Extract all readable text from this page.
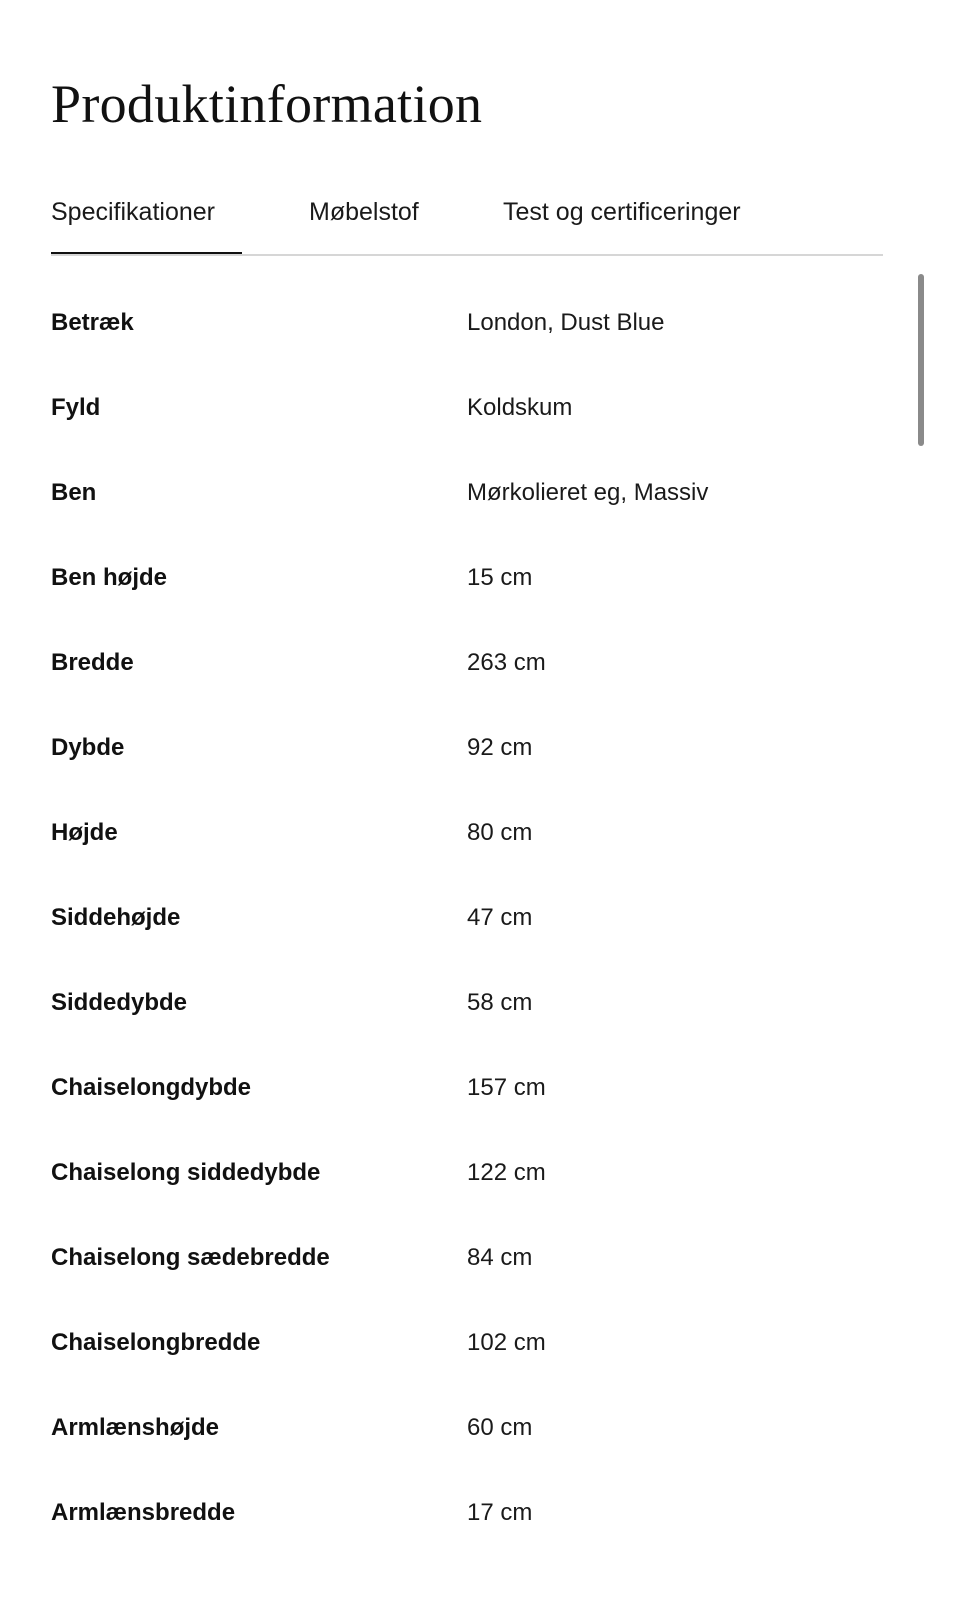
Produktinformation
Specifikationer	Møbelstof	Test og certificeringer
Betræk	London, Dust Blue
Fyld	Koldskum
Ben	Mørkolieret eg, Massiv
Ben højde	15 cm
Bredde	263 cm
Dybde	92 cm
Højde	80 cm
Siddehøjde	47 cm
Siddedybde	58 cm
Chaiselongdybde	157 cm
Chaiselong siddedybde	122 cm
Chaiselong sædebredde	84 cm
Chaiselongbredde	102 cm
Armlænshøjde	60 cm
Armlænsbredde	17 cm
